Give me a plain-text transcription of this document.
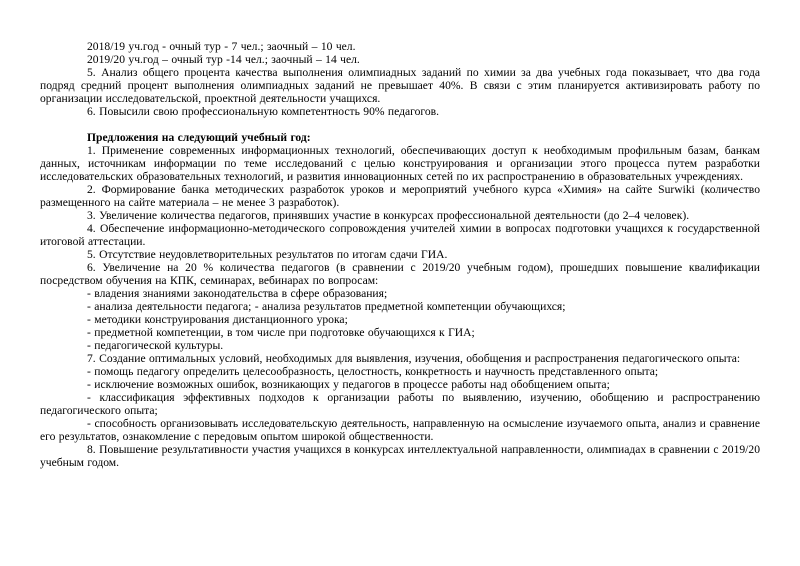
2018/19 уч.год - очный тур - 7 чел.; заочный – 10 чел.

2019/20 уч.год – очный тур -14 чел.; заочный – 14 чел.

5. Анализ общего процента качества выполнения олимпиадных заданий по химии за два учебных года показывает, что два года подряд средний процент выполнения олимпиадных заданий не превышает 40%. В связи с этим планируется активизировать работу по организации исследовательской, проектной деятельности учащихся.

6. Повысили свою профессиональную компетентность 90% педагогов.

Предложения на следующий учебный год:

1. Применение современных информационных технологий, обеспечивающих доступ к необходимым профильным базам, банкам данных, источникам информации по теме исследований с целью конструирования и организации этого процесса путем разработки исследовательских образовательных технологий, и развития инновационных сетей по их распространению в образовательных учреждениях.

2. Формирование банка методических разработок уроков и мероприятий учебного курса «Химия» на сайте Surwiki (количество размещенного на сайте материала – не менее 3 разработок).

3. Увеличение количества педагогов, принявших участие в конкурсах профессиональной деятельности (до 2–4 человек).

4. Обеспечение информационно-методического сопровождения учителей химии в вопросах подготовки учащихся к государственной итоговой аттестации.

5. Отсутствие неудовлетворительных результатов по итогам сдачи ГИА.

6. Увеличение на 20 % количества педагогов (в сравнении с 2019/20 учебным годом), прошедших повышение квалификации посредством обучения на КПК, семинарах, вебинарах по вопросам:

- владения знаниями законодательства в сфере образования;

- анализа деятельности педагога; - анализа результатов предметной компетенции обучающихся;

- методики конструирования дистанционного урока;

- предметной компетенции, в том числе при подготовке обучающихся к ГИА;

- педагогической культуры.

7. Создание оптимальных условий, необходимых для выявления, изучения, обобщения и распространения педагогического опыта:

- помощь педагогу определить целесообразность, целостность, конкретность и научность представленного опыта;

- исключение возможных ошибок, возникающих у педагогов в процессе работы над обобщением опыта;

- классификация эффективных подходов к организации работы по выявлению, изучению, обобщению и распространению педагогического опыта;

- способность организовывать исследовательскую деятельность, направленную на осмысление изучаемого опыта, анализ и сравнение его результатов, ознакомление с передовым опытом широкой общественности.

8. Повышение результативности участия учащихся в конкурсах интеллектуальной направленности, олимпиадах в сравнении с 2019/20 учебным годом.
